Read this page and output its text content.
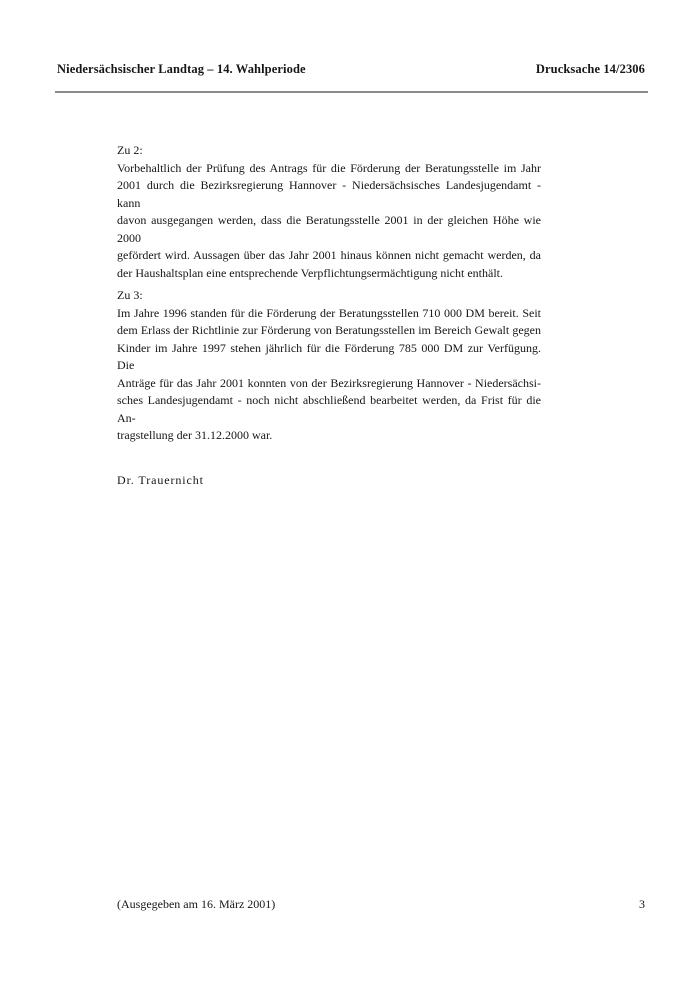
Niedersächsischer Landtag – 14. Wahlperiode	Drucksache 14/2306

Zu 2:

Vorbehaltlich der Prüfung des Antrags für die Förderung der Beratungsstelle im Jahr
2001 durch die Bezirksregierung Hannover - Niedersächsisches Landesjugendamt - kann
davon ausgegangen werden, dass die Beratungsstelle 2001 in der gleichen Höhe wie 2000
gefördert wird. Aussagen über das Jahr 2001 hinaus können nicht gemacht werden, da
der Haushaltsplan eine entsprechende Verpflichtungsermächtigung nicht enthält.

Zu 3:

Im Jahre 1996 standen für die Förderung der Beratungsstellen 710 000 DM bereit. Seit
dem Erlass der Richtlinie zur Förderung von Beratungsstellen im Bereich Gewalt gegen
Kinder im Jahre 1997 stehen jährlich für die Förderung 785 000 DM zur Verfügung. Die
Anträge für das Jahr 2001 konnten von der Bezirksregierung Hannover - Niedersächsi-
sches Landesjugendamt - noch nicht abschließend bearbeitet werden, da Frist für die An-
tragstellung der 31.12.2000 war.

Dr. Trauernicht

(Ausgegeben am 16. März 2001)	3
